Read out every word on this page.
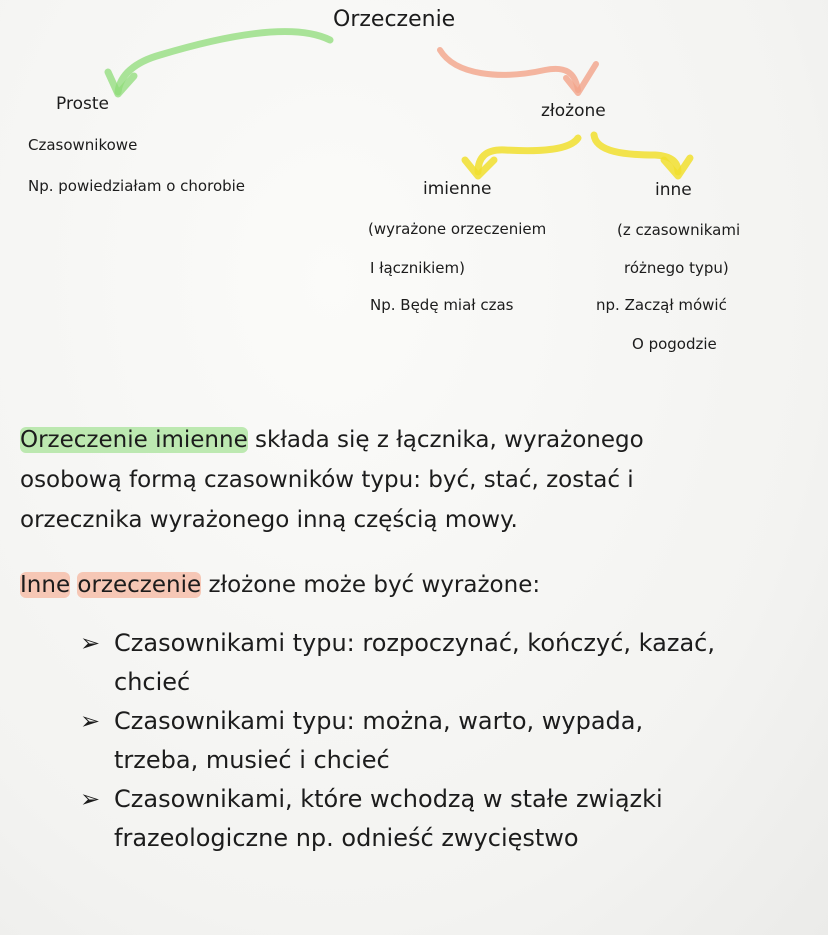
Orzeczenie
Proste
Czasownikowe
Np. powiedziałam o chorobie
złożone
imienne
(wyrażone orzeczeniem
I łącznikiem)
Np. Będę miał czas
inne
(z czasownikami
różnego typu)
np. Zaczął mówić
O pogodzie
Orzeczenie imienne składa się z łącznika, wyrażonego
osobową formą czasowników typu: być, stać, zostać i
orzecznika wyrażonego inną częścią mowy.
Inne orzeczenie złożone może być wyrażone:
➢ Czasownikami typu: rozpoczynać, kończyć, kazać,
chcieć
➢ Czasownikami typu: można, warto, wypada,
trzeba, musieć i chcieć
➢ Czasownikami, które wchodzą w stałe związki
frazeologiczne np. odnieść zwycięstwo
